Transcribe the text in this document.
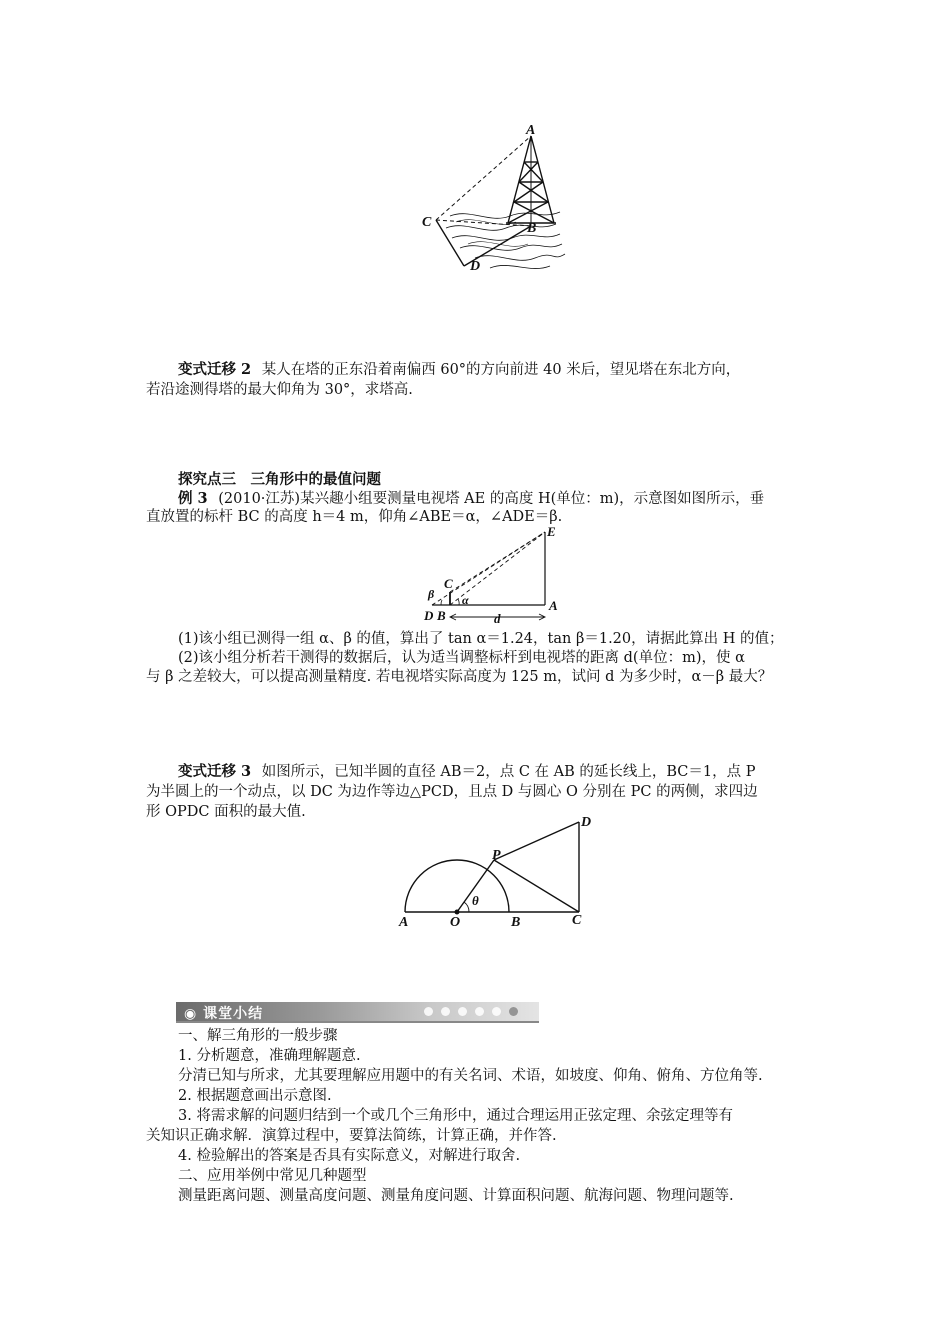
A
B
C
D
变式迁移 2 某人在塔的正东沿着南偏西 60°的方向前进 40 米后，望见塔在东北方向，
若沿途测得塔的最大仰角为 30°，求塔高.
探究点三　三角形中的最值问题
例 3 (2010·江苏)某兴趣小组要测量电视塔 AE 的高度 H(单位：m)，示意图如图所示，垂
直放置的标杆 BC 的高度 h＝4 m，仰角∠ABE＝α，∠ADE＝β.
E
C
β α
D B	d
A
(1)该小组已测得一组 α、β 的值，算出了 tan α＝1.24，tan β＝1.20，请据此算出 H 的值；
(2)该小组分析若干测得的数据后，认为适当调整标杆到电视塔的距离 d(单位：m)，使 α
与 β 之差较大，可以提高测量精度. 若电视塔实际高度为 125 m，试问 d 为多少时，α－β 最大？
变式迁移 3 如图所示，已知半圆的直径 AB＝2，点 C 在 AB 的延长线上，BC＝1，点 P
为半圆上的一个动点，以 DC 为边作等边△PCD，且点 D 与圆心 O 分别在 PC 的两侧，求四边
形 OPDC 面积的最大值.
D
P
θ
A	O	B	C
◉ 课堂小结
一、解三角形的一般步骤
1. 分析题意，准确理解题意.
分清已知与所求，尤其要理解应用题中的有关名词、术语，如坡度、仰角、俯角、方位角等.
2. 根据题意画出示意图.
3. 将需求解的问题归结到一个或几个三角形中，通过合理运用正弦定理、余弦定理等有
关知识正确求解．演算过程中，要算法简练，计算正确，并作答.
4. 检验解出的答案是否具有实际意义，对解进行取舍.
二、应用举例中常见几种题型
测量距离问题、测量高度问题、测量角度问题、计算面积问题、航海问题、物理问题等.
